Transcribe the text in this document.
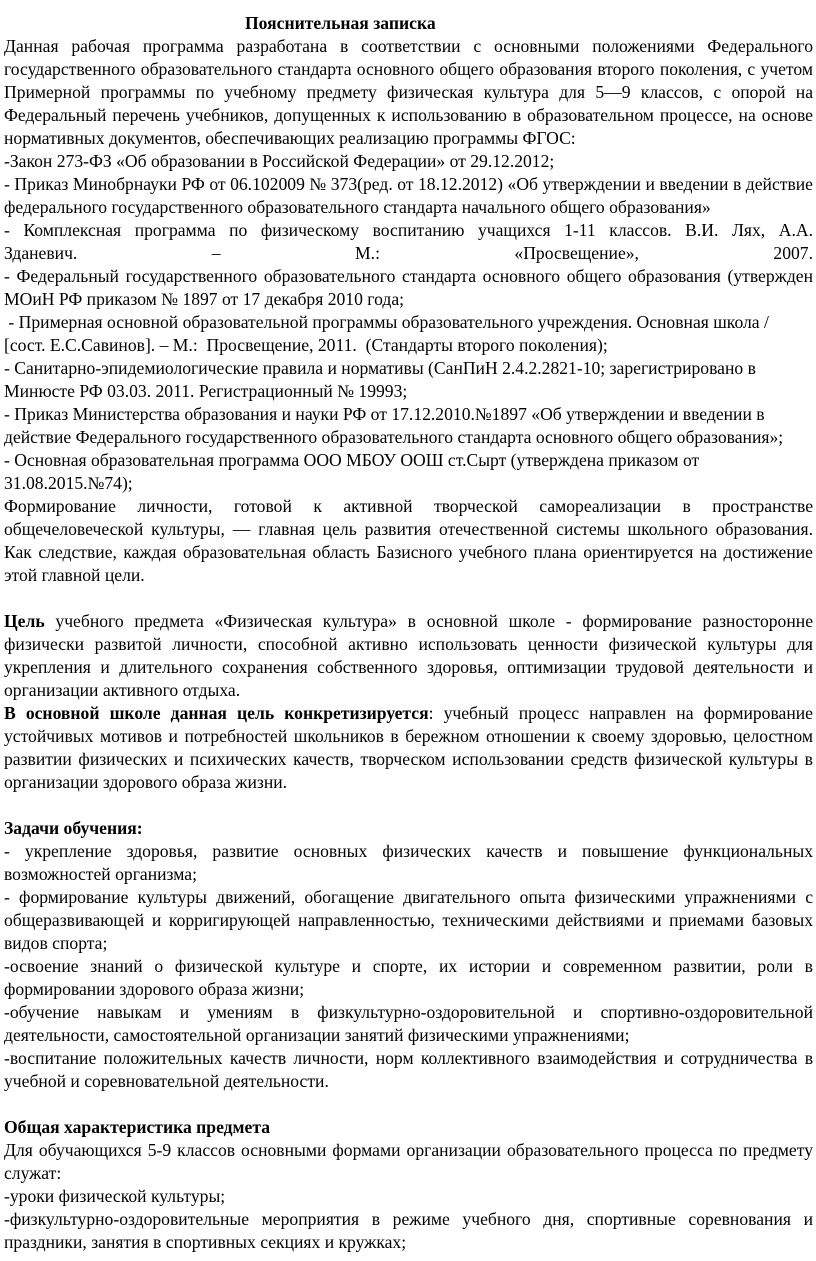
Пояснительная записка

Данная рабочая программа разработана в соответствии с основными положениями Федерального государственного образовательного стандарта основного общего образования второго поколения, с учетом Примерной программы по учебному предмету физическая культура для 5—9 классов, с опорой на Федеральный перечень учебников, допущенных к использованию в образовательном процессе, на основе нормативных документов, обеспечивающих реализацию программы ФГОС:

-Закон 273-ФЗ «Об образовании в Российской Федерации» от 29.12.2012;

- Приказ Минобрнауки РФ от 06.102009 № 373(ред. от 18.12.2012) «Об утверждении и введении в действие федерального государственного образовательного стандарта начального общего образования»

- Комплексная программа по физическому воспитанию учащихся 1-11 классов. В.И. Лях, А.А.

Зданевич. – М.: «Просвещение», 2007.

- Федеральный государственного образовательного стандарта основного общего образования (утвержден МОиН РФ приказом № 1897 от 17 декабря 2010 года;

- Примерная основной образовательной программы образовательного учреждения. Основная школа / [сост. Е.С.Савинов]. – М.:  Просвещение, 2011.  (Стандарты второго поколения);

- Санитарно-эпидемиологические правила и нормативы (СанПиН 2.4.2.2821-10; зарегистрировано в Минюсте РФ 03.03. 2011. Регистрационный № 19993;

- Приказ Министерства образования и науки РФ от 17.12.2010.№1897 «Об утверждении и введении в действие Федерального государственного образовательного стандарта основного общего образования»;

- Основная образовательная программа ООО МБОУ ООШ ст.Сырт (утверждена приказом от 31.08.2015.№74);

Формирование личности, готовой к активной творческой самореализации в пространстве общечеловеческой культуры, — главная цель развития отечественной системы школьного образования. Как следствие, каждая образовательная область Базисного учебного плана ориентируется на достижение этой главной цели.

Цель учебного предмета «Физическая культура» в основной школе - формирование разносторонне физически развитой личности, способной активно использовать ценности физической культуры для укрепления и длительного сохранения собственного здоровья, оптимизации трудовой деятельности и организации активного отдыха.

В основной школе данная цель конкретизируется: учебный процесс направлен на формирование устойчивых мотивов и потребностей школьников в бережном отношении к своему здоровью, целостном развитии физических и психических качеств, творческом использовании средств физической культуры в организации здорового образа жизни.

Задачи обучения:

- укрепление здоровья, развитие основных физических качеств и повышение функциональных возможностей организма;

- формирование культуры движений, обогащение двигательного опыта физическими упражнениями с общеразвивающей и корригирующей направленностью, техническими действиями и приемами базовых видов спорта;

-освоение знаний о физической культуре и спорте, их истории и современном развитии, роли в формировании здорового образа жизни;

-обучение навыкам и умениям в физкультурно-оздоровительной и спортивно-оздоровительной деятельности, самостоятельной организации занятий физическими упражнениями;

-воспитание положительных качеств личности, норм коллективного взаимодействия и сотрудничества в учебной и соревновательной деятельности.

Общая характеристика предмета

Для обучающихся 5-9 классов основными формами организации образовательного процесса по предмету служат:

-уроки физической культуры;

-физкультурно-оздоровительные мероприятия в режиме учебного дня, спортивные соревнования и праздники, занятия в спортивных секциях и кружках;
